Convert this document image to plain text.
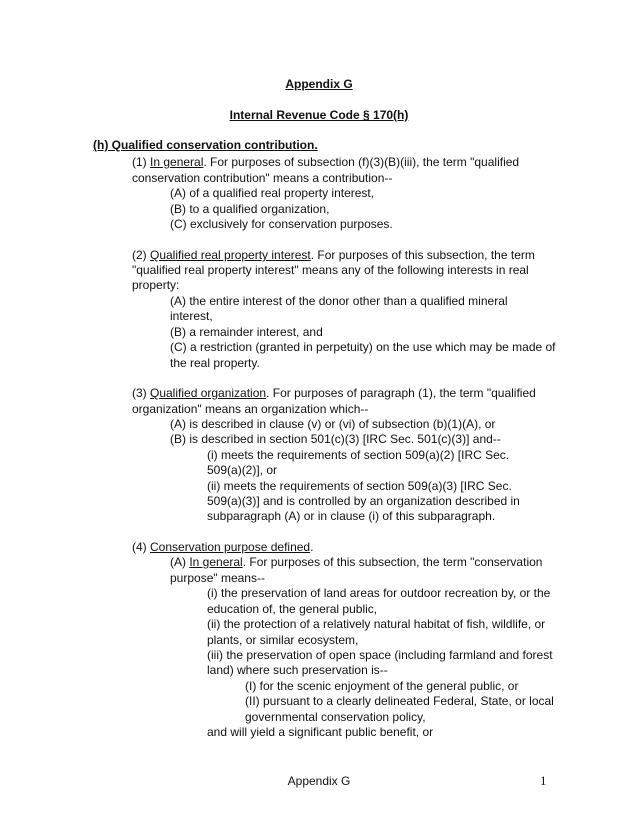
Appendix G
Internal Revenue Code § 170(h)
(h) Qualified conservation contribution.
(1) In general. For purposes of subsection (f)(3)(B)(iii), the term "qualified
conservation contribution" means a contribution--
(A) of a qualified real property interest,
(B) to a qualified organization,
(C) exclusively for conservation purposes.
(2) Qualified real property interest. For purposes of this subsection, the term
"qualified real property interest" means any of the following interests in real
property:
(A) the entire interest of the donor other than a qualified mineral
interest,
(B) a remainder interest, and
(C) a restriction (granted in perpetuity) on the use which may be made of
the real property.
(3) Qualified organization. For purposes of paragraph (1), the term "qualified
organization" means an organization which--
(A) is described in clause (v) or (vi) of subsection (b)(1)(A), or
(B) is described in section 501(c)(3) [IRC Sec. 501(c)(3)] and--
(i) meets the requirements of section 509(a)(2) [IRC Sec.
509(a)(2)], or
(ii) meets the requirements of section 509(a)(3) [IRC Sec.
509(a)(3)] and is controlled by an organization described in
subparagraph (A) or in clause (i) of this subparagraph.
(4) Conservation purpose defined.
(A) In general. For purposes of this subsection, the term "conservation
purpose" means--
(i) the preservation of land areas for outdoor recreation by, or the
education of, the general public,
(ii) the protection of a relatively natural habitat of fish, wildlife, or
plants, or similar ecosystem,
(iii) the preservation of open space (including farmland and forest
land) where such preservation is--
(I) for the scenic enjoyment of the general public, or
(II) pursuant to a clearly delineated Federal, State, or local
governmental conservation policy,
and will yield a significant public benefit, or
Appendix G	1
